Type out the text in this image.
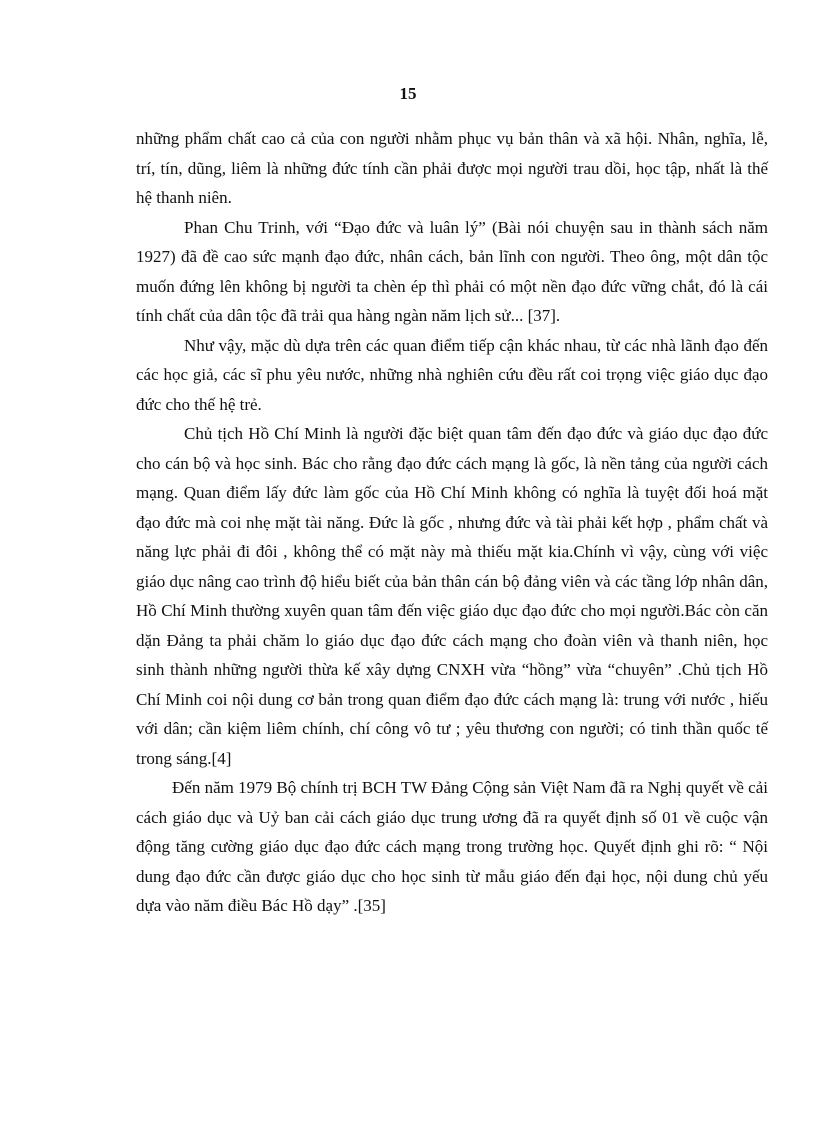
15

những phẩm chất cao cả của con người nhằm phục vụ bản thân và xã hội. Nhân, nghĩa, lễ, trí, tín, dũng, liêm là những đức tính cần phải được mọi người trau dồi, học tập, nhất là thế hệ thanh niên.

Phan Chu Trinh, với “Đạo đức và luân lý” (Bài nói chuyện sau in thành sách năm 1927) đã đề cao sức mạnh đạo đức, nhân cách, bản lĩnh con người. Theo ông, một dân tộc muốn đứng lên không bị người ta chèn ép thì phải có một nền đạo đức vững chắt, đó là cái tính chất của dân tộc đã trải qua hàng ngàn năm lịch sử... [37].

Như vậy, mặc dù dựa trên các quan điểm tiếp cận khác nhau, từ các nhà lãnh đạo đến các học giả, các sĩ phu yêu nước, những nhà nghiên cứu đều rất coi trọng việc giáo dục đạo đức cho thế hệ trẻ.

Chủ tịch Hồ Chí Minh là người đặc biệt quan tâm đến đạo đức và giáo dục đạo đức cho cán bộ và học sinh. Bác cho rằng đạo đức cách mạng là gốc, là nền tảng của người cách mạng. Quan điểm lấy đức làm gốc của Hồ Chí Minh không có nghĩa là tuyệt đối hoá mặt đạo đức mà coi nhẹ mặt tài năng. Đức là gốc , nhưng đức và tài phải kết hợp , phẩm chất và năng lực phải đi đôi , không thể có mặt này mà thiếu mặt kia.Chính vì vậy, cùng với việc giáo dục nâng cao trình độ hiểu biết của bản thân cán bộ đảng viên và các tầng lớp nhân dân, Hồ Chí Minh thường xuyên quan tâm đến việc giáo dục đạo đức cho mọi người.Bác còn căn dặn Đảng ta phải chăm lo giáo dục đạo đức cách mạng cho đoàn viên và thanh niên, học sinh thành những người thừa kế xây dựng CNXH vừa “hồng” vừa “chuyên” .Chủ tịch Hồ Chí Minh coi nội dung cơ bản trong quan điểm đạo đức cách mạng là: trung với nước , hiếu với dân; cần kiệm liêm chính, chí công vô tư ; yêu thương con người; có tinh thần quốc tế trong sáng.[4]

Đến năm 1979 Bộ chính trị BCH TW Đảng Cộng sản Việt Nam đã ra Nghị quyết về cải cách giáo dục và Uỷ ban cải cách giáo dục trung ương đã ra quyết định số 01 về cuộc vận động tăng cường giáo dục đạo đức cách mạng trong trường học. Quyết định ghi rõ: “ Nội dung đạo đức cần được giáo dục cho học sinh từ mẫu giáo đến đại học, nội dung chủ yếu dựa vào năm điều Bác Hồ dạy” .[35]
